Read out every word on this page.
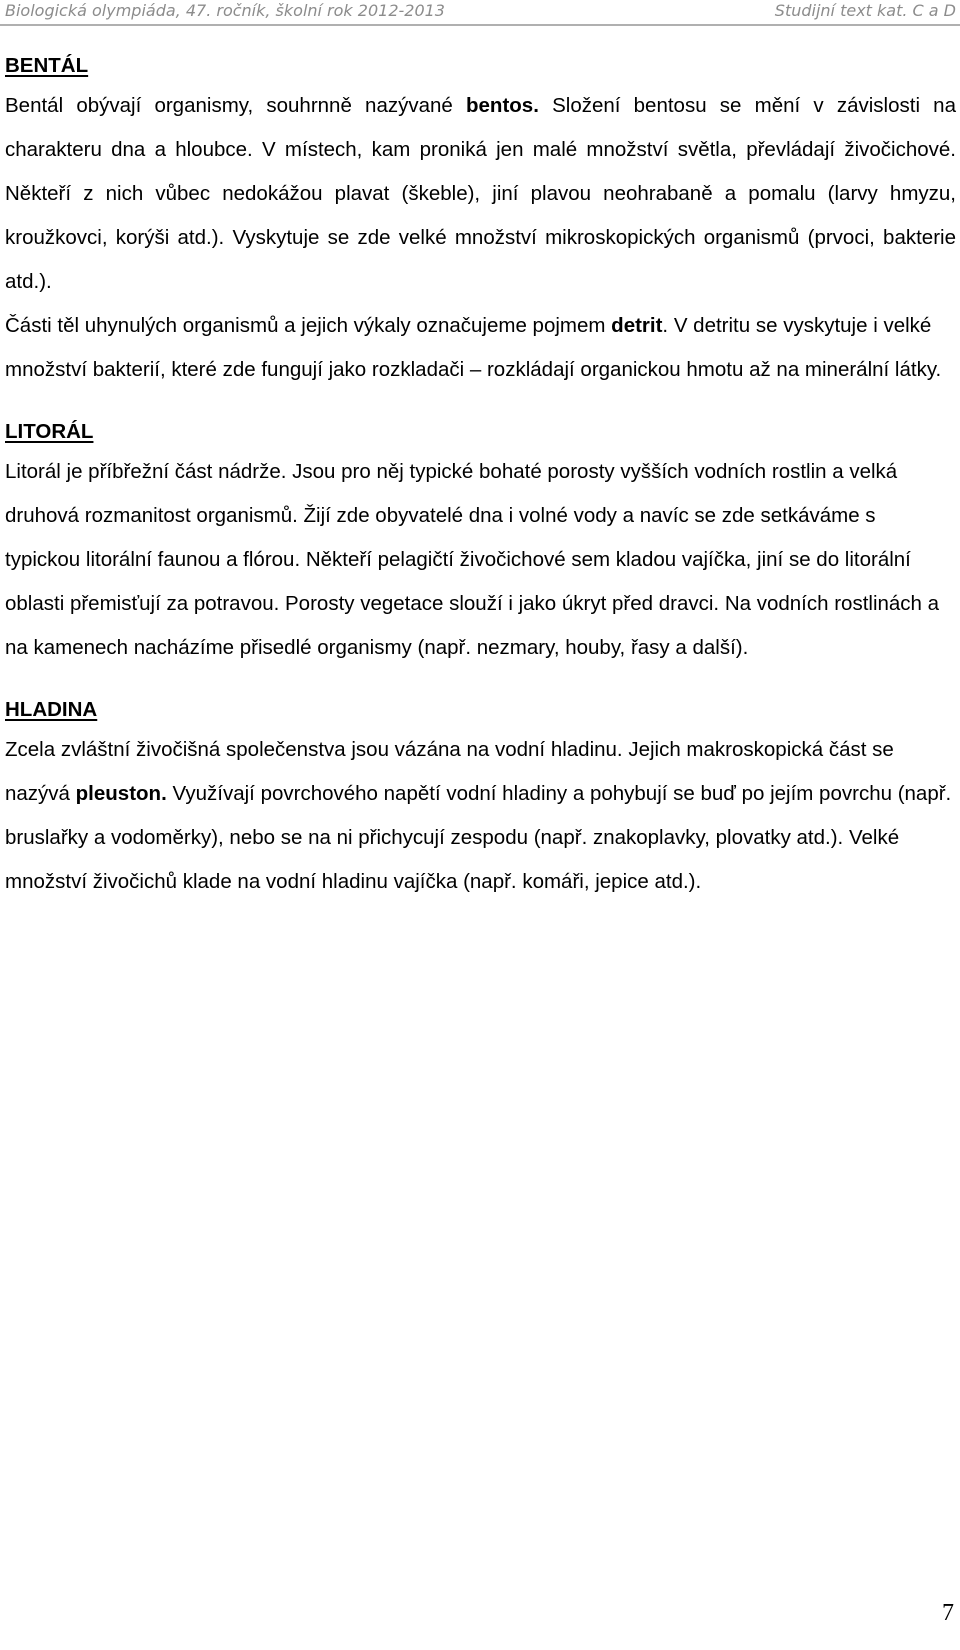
Biologická olympiáda, 47. ročník, školní rok 2012-2013	Studijní text kat. C a D
BENTÁL

Bentál obývají organismy, souhrnně nazývané bentos. Složení bentosu se mění v závislosti na charakteru dna a hloubce. V místech, kam proniká jen malé množství světla, převládají živočichové. Někteří z nich vůbec nedokážou plavat (škeble), jiní plavou neohrabaně a pomalu (larvy hmyzu, kroužkovci, korýši atd.). Vyskytuje se zde velké množství mikroskopických organismů (prvoci, bakterie atd.).

Části těl uhynulých organismů a jejich výkaly označujeme pojmem detrit. V detritu se vyskytuje i velké množství bakterií, které zde fungují jako rozkladači – rozkládají organickou hmotu až na minerální látky.

LITORÁL

Litorál je příbřežní část nádrže. Jsou pro něj typické bohaté porosty vyšších vodních rostlin a velká druhová rozmanitost organismů. Žijí zde obyvatelé dna i volné vody a navíc se zde setkáváme s typickou litorální faunou a flórou. Někteří pelagičtí živočichové sem kladou vajíčka, jiní se do litorální oblasti přemisťují za potravou. Porosty vegetace slouží i jako úkryt před dravci. Na vodních rostlinách a na kamenech nacházíme přisedlé organismy (např. nezmary, houby, řasy a další).

HLADINA

Zcela zvláštní živočišná společenstva jsou vázána na vodní hladinu. Jejich makroskopická část se nazývá pleuston. Využívají povrchového napětí vodní hladiny a pohybují se buď po jejím povrchu (např. bruslařky a vodoměrky), nebo se na ni přichycují zespodu (např. znakoplavky, plovatky atd.). Velké množství živočichů klade na vodní hladinu vajíčka (např. komáři, jepice atd.).

7
